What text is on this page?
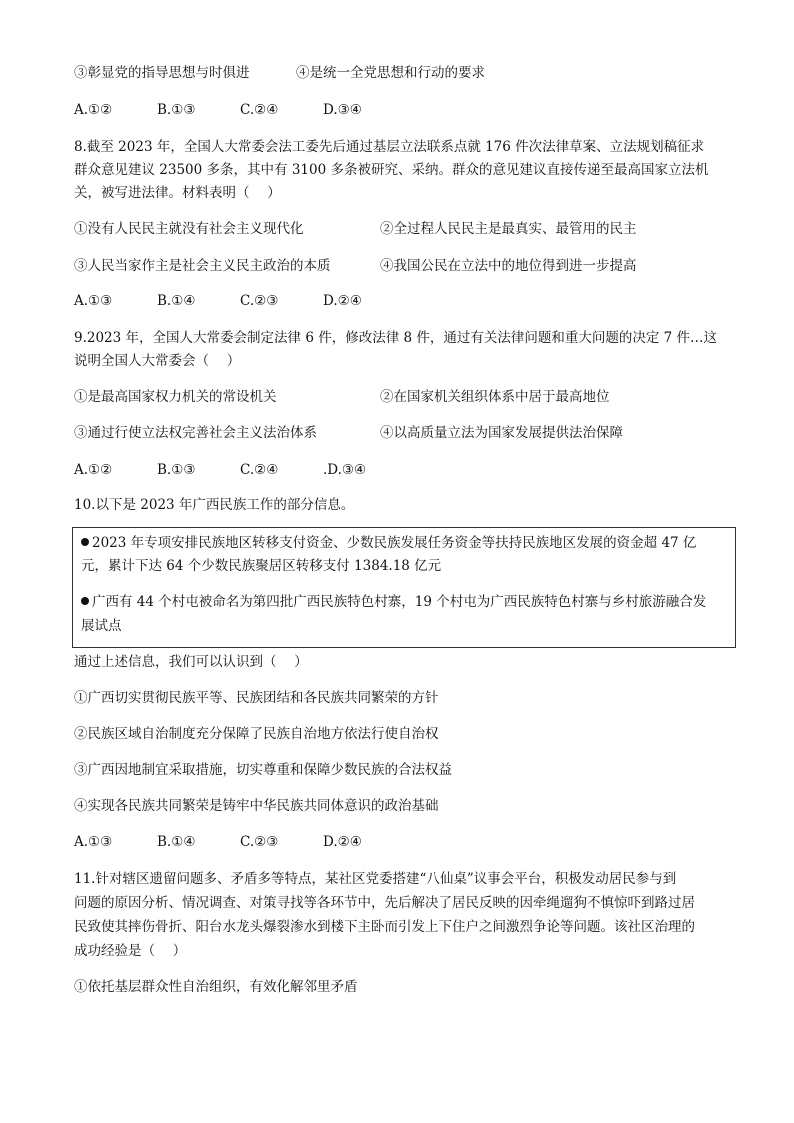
③彰显党的指导思想与时俱进	④是统一全党思想和行动的要求
A.①②	B.①③	C.②④	D.③④
8.截至 2023 年，全国人大常委会法工委先后通过基层立法联系点就 176 件次法律草案、立法规划稿征求
群众意见建议 23500 多条，其中有 3100 多条被研究、采纳。群众的意见建议直接传递至最高国家立法机
关，被写进法律。材料表明（　 ）
①没有人民民主就没有社会主义现代化	②全过程人民民主是最真实、最管用的民主
③人民当家作主是社会主义民主政治的本质	④我国公民在立法中的地位得到进一步提高
A.①③	B.①④	C.②③	D.②④
9.2023 年，全国人大常委会制定法律 6 件，修改法律 8 件，通过有关法律问题和重大问题的决定 7 件…这
说明全国人大常委会（　 ）
①是最高国家权力机关的常设机关	②在国家机关组织体系中居于最高地位
③通过行使立法权完善社会主义法治体系	④以高质量立法为国家发展提供法治保障
A.①②	B.①③	C.②④	.D.③④
10.以下是 2023 年广西民族工作的部分信息。
2023 年专项安排民族地区转移支付资金、少数民族发展任务资金等扶持民族地区发展的资金超 47 亿
元，累计下达 64 个少数民族聚居区转移支付 1384.18 亿元
广西有 44 个村屯被命名为第四批广西民族特色村寨，19 个村屯为广西民族特色村寨与乡村旅游融合发
展试点
通过上述信息，我们可以认识到（　 ）
①广西切实贯彻民族平等、民族团结和各民族共同繁荣的方针
②民族区域自治制度充分保障了民族自治地方依法行使自治权
③广西因地制宜采取措施，切实尊重和保障少数民族的合法权益
④实现各民族共同繁荣是铸牢中华民族共同体意识的政治基础
A.①③	B.①④	C.②③	D.②④
11.针对辖区遗留问题多、矛盾多等特点，某社区党委搭建“八仙桌”议事会平台，积极发动居民参与到
问题的原因分析、情况调查、对策寻找等各环节中，先后解决了居民反映的因牵绳遛狗不慎惊吓到路过居
民致使其摔伤骨折、阳台水龙头爆裂渗水到楼下主卧而引发上下住户之间激烈争论等问题。该社区治理的
成功经验是（　 ）
①依托基层群众性自治组织，有效化解邻里矛盾
